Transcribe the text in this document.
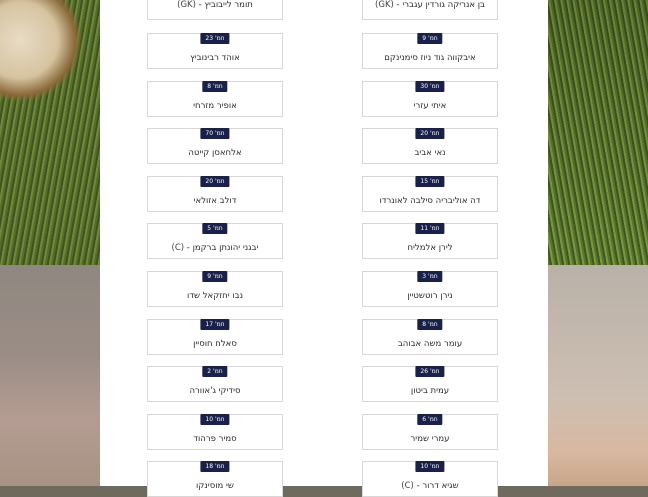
תומר לייבוביץ - (GK)	בן אנריקה גורדין עגברי - (GK)
חמ' 23
אוהד רבינוביץ
חמ' 8
אופיר מזרחי
חמ' 70
אלחאסן קייטה
חמ' 20
דולב אזולאי
חמ' 5
יבגני יהונתן ברקמן - (C)
חמ' 9
נבו יחזקאל שדו
חמ' 17
סאלח חוסיין
חמ' 2
סידיקי ג'אוורה
חמ' 10
סמיר פרהוד
חמ' 18
שי מוסינקו
חמ' 9
איבקווה גוד ניוז סימנינקם
חמ' 30
איתי עזרי
חמ' 20
נאי אביב
חמ' 15
דה אוליבריה סילבה לאונרדו
חמ' 11
לירן אלמליח
חמ' 3
נירן רוטשטיין
חמ' 8
עומר משה אבוהב
חמ' 26
עמית ביטון
חמ' 6
עמרי שמיר
חמ' 10
שגיא דרור - (C)
